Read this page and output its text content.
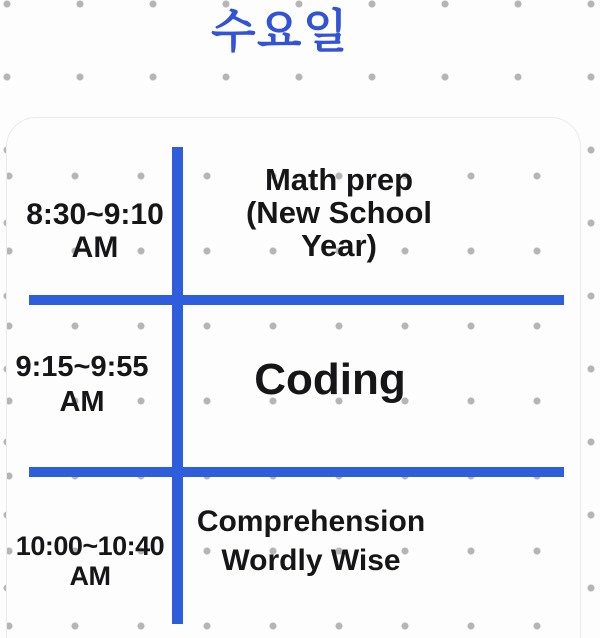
수요일
8:30~9:10
AM
Math prep
(New School
Year)
9:15~9:55
AM	Coding
10:00~10:40
AM
Comprehension
Wordly Wise
